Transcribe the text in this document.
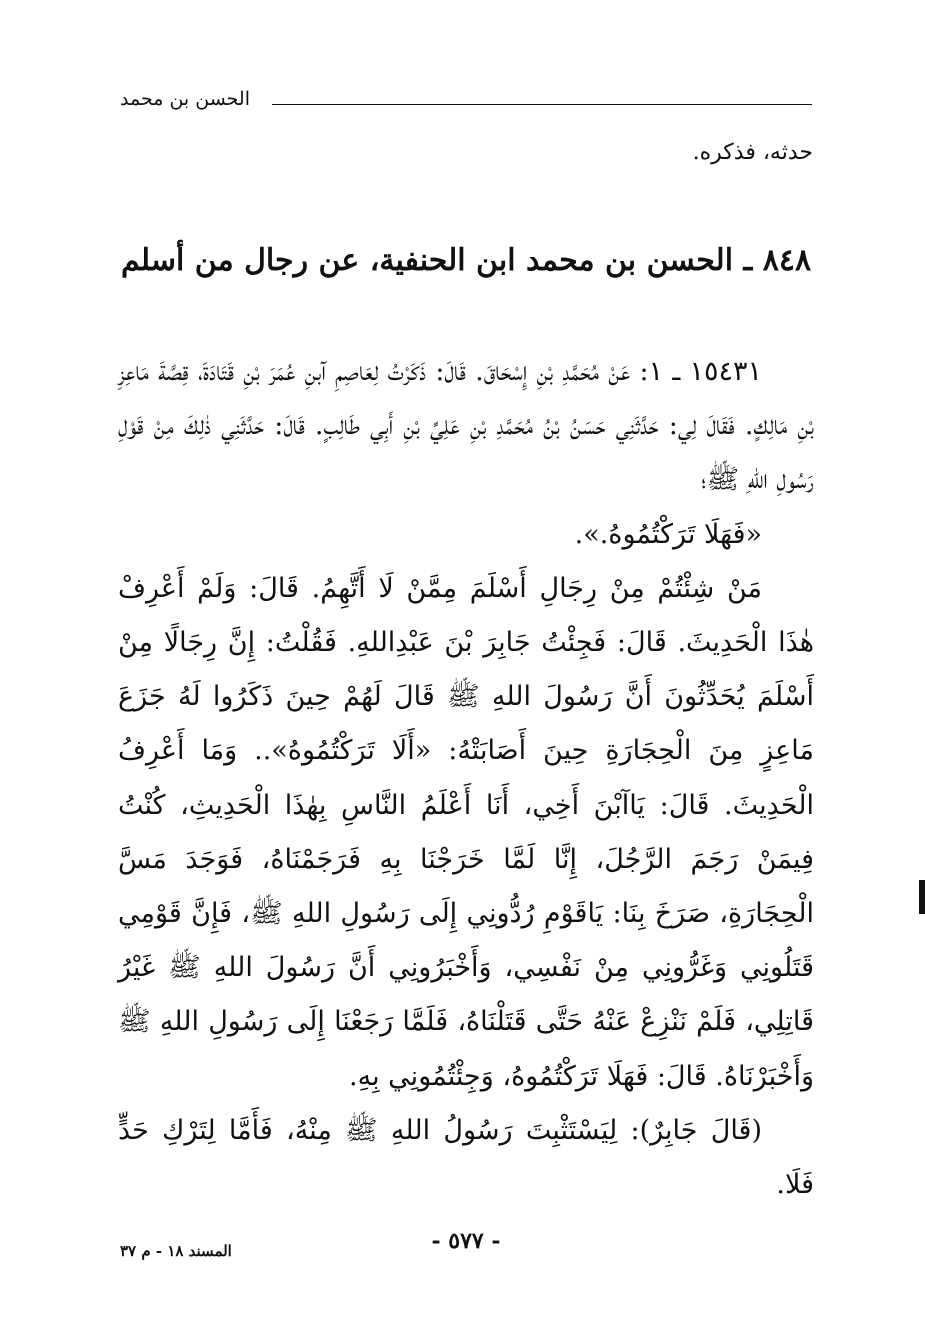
الحسن بن محمد
حدثه، فذكره.
٨٤٨ ـ الحسن بن محمد ابن الحنفية، عن رجال من أسلم

١٥٤٣١ ـ ١: عَنْ مُحَمَّدِ بْنِ إِسْحَاقَ. قَالَ: ذَكَرْتُ لِعَاصِمِ آبنِ عُمَرَ بْنِ قَتَادَةَ، قِصَّةَ مَاعِزِ بْنِ مَالِكٍ. فَقَالَ لِي: حَدَّثَنِي حَسَنُ بْنُ مُحَمَّدِ بْنِ عَلِيِّ بْنِ أَبِي طَالِبٍ. قَالَ: حَدَّثَنِي ذٰلِكَ مِنْ قَوْلِ رَسُولِ اللهِ ﷺ؛

«فَهَلَا تَرَكْتُمُوهُ.».

مَنْ شِئْتُمْ مِنْ رِجَالِ أَسْلَمَ مِمَّنْ لَا أَتَّهِمُ. قَالَ: وَلَمْ أَعْرِفْ هٰذَا الْحَدِيثَ. قَالَ: فَجِئْتُ جَابِرَ بْنَ عَبْدِاللهِ. فَقُلْتُ: إِنَّ رِجَالًا مِنْ أَسْلَمَ يُحَدِّثُونَ أَنَّ رَسُولَ اللهِ ﷺ قَالَ لَهُمْ حِينَ ذَكَرُوا لَهُ جَزَعَ مَاعِزٍ مِنَ الْحِجَارَةِ حِينَ أَصَابَتْهُ: «أَلَا تَرَكْتُمُوهُ».. وَمَا أَعْرِفُ الْحَدِيثَ. قَالَ: يَاآبْنَ أَخِي، أَنَا أَعْلَمُ النَّاسِ بِهٰذَا الْحَدِيثِ، كُنْتُ فِيمَنْ رَجَمَ الرَّجُلَ، إِنَّا لَمَّا خَرَجْنَا بِهِ فَرَجَمْنَاهُ، فَوَجَدَ مَسَّ الْحِجَارَةِ، صَرَخَ بِنَا: يَاقَوْمِ رُدُّونِي إِلَى رَسُولِ اللهِ ﷺ، فَإِنَّ قَوْمِي قَتَلُونِي وَغَرُّونِي مِنْ نَفْسِي، وَأَخْبَرُونِي أَنَّ رَسُولَ اللهِ ﷺ غَيْرُ قَاتِلِي، فَلَمْ نَنْزِعْ عَنْهُ حَتَّى قَتَلْنَاهُ، فَلَمَّا رَجَعْنَا إِلَى رَسُولِ اللهِ ﷺ وَأَخْبَرْنَاهُ. قَالَ: فَهَلَا تَرَكْتُمُوهُ، وَجِئْتُمُونِي بِهِ.

(قَالَ جَابِرٌ): لِيَسْتَثْبِتَ رَسُولُ اللهِ ﷺ مِنْهُ، فَأَمَّا لِتَرْكِ حَدٍّ فَلَا.

- ٥٧٧ -
المسند ١٨ - م ٣٧
